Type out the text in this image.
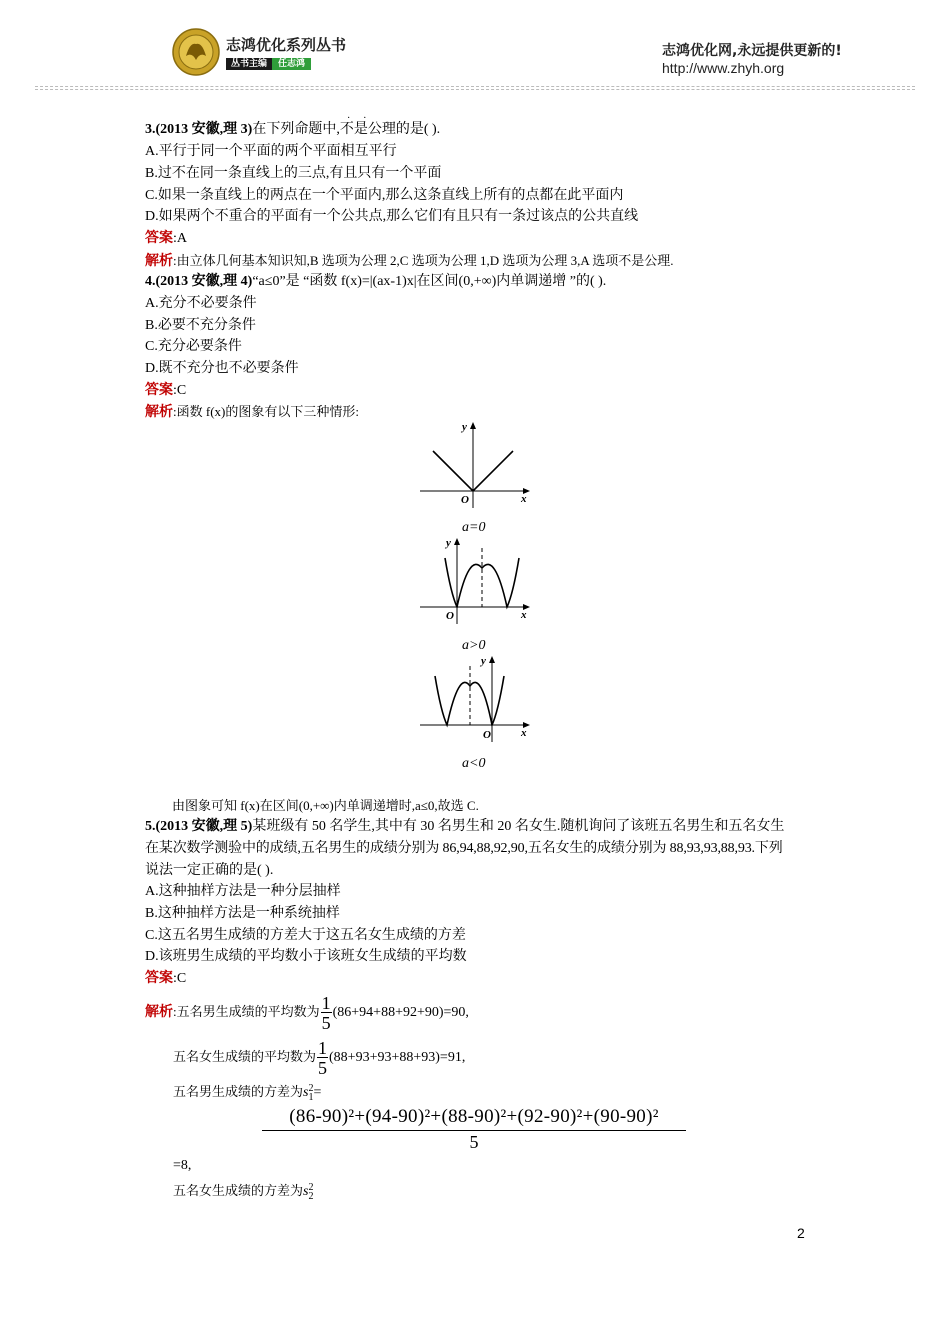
志鸿优化系列丛书
丛书主编	任志鸿
志鸿优化网,永远提供更新的!
http://www.zhyh.org
3.(2013 安徽,理 3)在下列命题中,不是公理的是( ).
· ·
A.平行于同一个平面的两个平面相互平行
B.过不在同一条直线上的三点,有且只有一个平面
C.如果一条直线上的两点在一个平面内,那么这条直线上所有的点都在此平面内
D.如果两个不重合的平面有一个公共点,那么它们有且只有一条过该点的公共直线
答案:A
解析:由立体几何基本知识知,B 选项为公理 2,C 选项为公理 1,D 选项为公理 3,A 选项不是公理.
4.(2013 安徽,理 4)“a≤0”是 “函数 f(x)=|(ax-1)x|在区间(0,+∞)内单调递增 ”的( ).
A.充分不必要条件
B.必要不充分条件
C.充分必要条件
D.既不充分也不必要条件
答案:C
解析:函数 f(x)的图象有以下三种情形:
y
x
O
a=0
y
x
O
a>0
y
x
O
a<0
由图象可知 f(x)在区间(0,+∞)内单调递增时,a≤0,故选 C.
5.(2013 安徽,理 5)某班级有 50 名学生,其中有 30 名男生和 20 名女生.随机询问了该班五名男生和五名女生
在某次数学测验中的成绩,五名男生的成绩分别为 86,94,88,92,90,五名女生的成绩分别为 88,93,93,88,93.下列
说法一定正确的是( ).
A.这种抽样方法是一种分层抽样
B.这种抽样方法是一种系统抽样
C.这五名男生成绩的方差大于这五名女生成绩的方差
D.该班男生成绩的平均数小于该班女生成绩的平均数
答案:C
解析:五名男生成绩的平均数为 $\frac{1}{5} (86+94+88+92+90)=90$,
五名女生成绩的平均数为 $\frac{1}{5} (88+93+93+88+93)=91$,
五名男生成绩的方差为s 2
1 =
$\frac{\text{(86-90)²+(94-90)²+(88-90)²+(92-90)²+(90-90)²}}{5}$
=8,
五名女生成绩的方差为s 2
2
2
